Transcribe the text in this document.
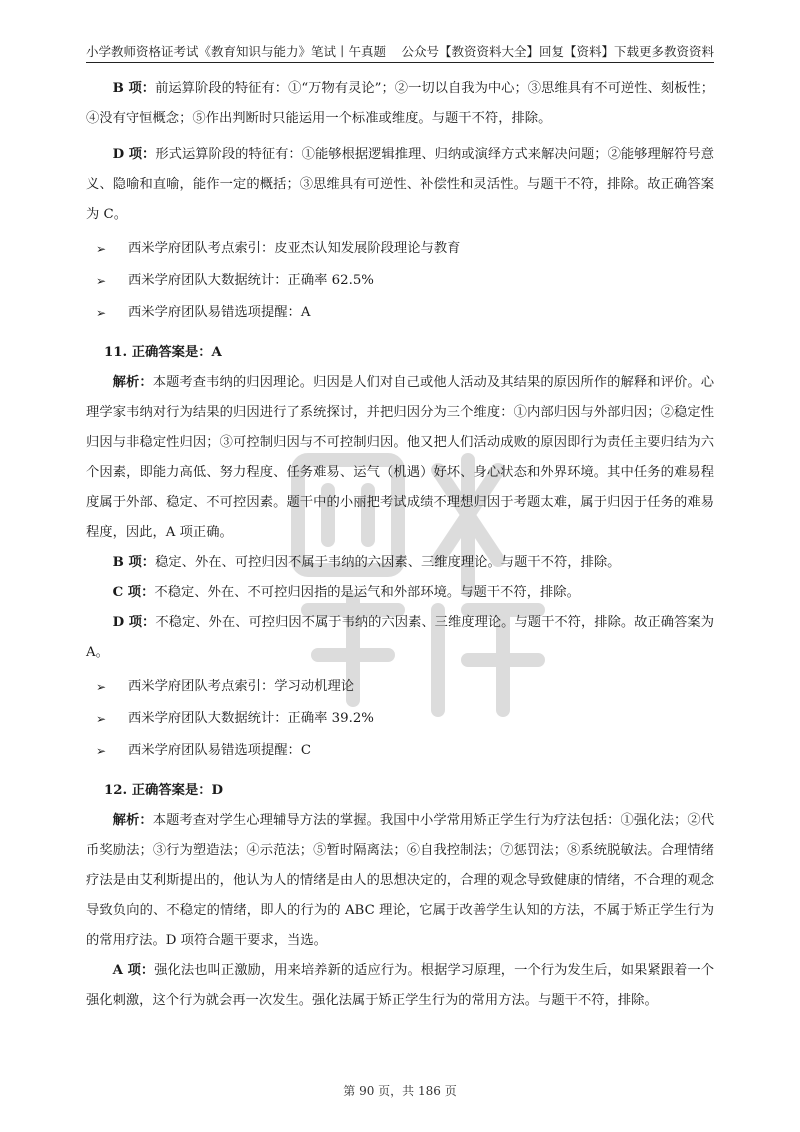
小学教师资格证考试《教育知识与能力》笔试丨午真题 公众号【教资资料大全】回复【资料】下载更多教资资料

B 项：前运算阶段的特征有：①“万物有灵论”；②一切以自我为中心；③思维具有不可逆性、刻板性；④没有守恒概念；⑤作出判断时只能运用一个标准或维度。与题干不符，排除。

D 项：形式运算阶段的特征有：①能够根据逻辑推理、归纳或演绎方式来解决问题；②能够理解符号意义、隐喻和直喻，能作一定的概括；③思维具有可逆性、补偿性和灵活性。与题干不符，排除。故正确答案为 C。

➢ 西米学府团队考点索引：皮亚杰认知发展阶段理论与教育
➢ 西米学府团队大数据统计：正确率 62.5%
➢ 西米学府团队易错选项提醒：A
11. 正确答案是：A

解析：本题考查韦纳的归因理论。归因是人们对自己或他人活动及其结果的原因所作的解释和评价。心理学家韦纳对行为结果的归因进行了系统探讨，并把归因分为三个维度：①内部归因与外部归因；②稳定性归因与非稳定性归因；③可控制归因与不可控制归因。他又把人们活动成败的原因即行为责任主要归结为六个因素，即能力高低、努力程度、任务难易、运气（机遇）好坏、身心状态和外界环境。其中任务的难易程度属于外部、稳定、不可控因素。题干中的小丽把考试成绩不理想归因于考题太难，属于归因于任务的难易程度，因此，A 项正确。

B 项：稳定、外在、可控归因不属于韦纳的六因素、三维度理论。与题干不符，排除。

C 项：不稳定、外在、不可控归因指的是运气和外部环境。与题干不符，排除。

D 项：不稳定、外在、可控归因不属于韦纳的六因素、三维度理论。与题干不符，排除。故正确答案为 A。

➢ 西米学府团队考点索引：学习动机理论
➢ 西米学府团队大数据统计：正确率 39.2%
➢ 西米学府团队易错选项提醒：C
12. 正确答案是：D

解析：本题考查对学生心理辅导方法的掌握。我国中小学常用矫正学生行为疗法包括：①强化法；②代币奖励法；③行为塑造法；④示范法；⑤暂时隔离法；⑥自我控制法；⑦惩罚法；⑧系统脱敏法。合理情绪疗法是由艾利斯提出的，他认为人的情绪是由人的思想决定的，合理的观念导致健康的情绪，不合理的观念导致负向的、不稳定的情绪，即人的行为的 ABC 理论，它属于改善学生认知的方法，不属于矫正学生行为的常用疗法。D 项符合题干要求，当选。

A 项：强化法也叫正激励，用来培养新的适应行为。根据学习原理，一个行为发生后，如果紧跟着一个强化刺激，这个行为就会再一次发生。强化法属于矫正学生行为的常用方法。与题干不符，排除。

第 90 页，共 186 页
